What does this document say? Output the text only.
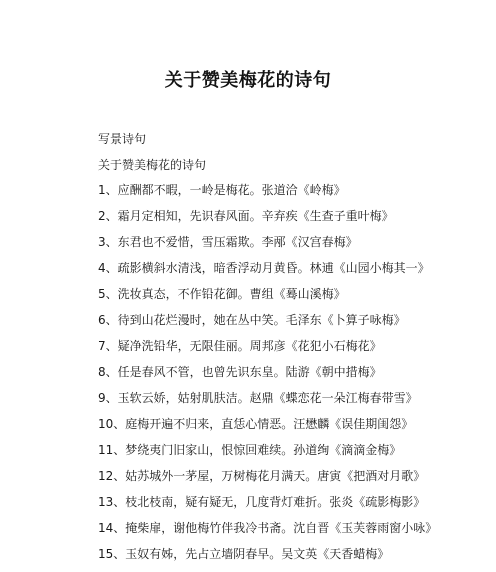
关于赞美梅花的诗句
写景诗句
关于赞美梅花的诗句
1、应酬都不暇，一岭是梅花。张道洽《岭梅》
2、霜月定相知，先识春风面。辛弃疾《生查子重叶梅》
3、东君也不爱惜，雪压霜欺。李邴《汉宫春梅》
4、疏影横斜水清浅，暗香浮动月黄昏。林逋《山园小梅其一》
5、洗妆真态，不作铅花御。曹组《蓦山溪梅》
6、待到山花烂漫时，她在丛中笑。毛泽东《卜算子咏梅》
7、疑净洗铅华，无限佳丽。周邦彦《花犯小石梅花》
8、任是春风不管，也曾先识东皇。陆游《朝中措梅》
9、玉软云娇，姑射肌肤洁。赵鼎《蝶恋花一朵江梅春带雪》
10、庭梅开遍不归来，直恁心情恶。汪懋麟《误佳期闺怨》
11、梦绕夷门旧家山，恨惊回难续。孙道绚《滴滴金梅》
12、姑苏城外一茅屋，万树梅花月满天。唐寅《把酒对月歌》
13、枝北枝南，疑有疑无，几度背灯难折。张炎《疏影梅影》
14、掩柴扉，谢他梅竹伴我冷书斋。沈自晋《玉芙蓉雨窗小咏》
15、玉奴有姊，先占立墙阴春早。吴文英《天香蜡梅》
